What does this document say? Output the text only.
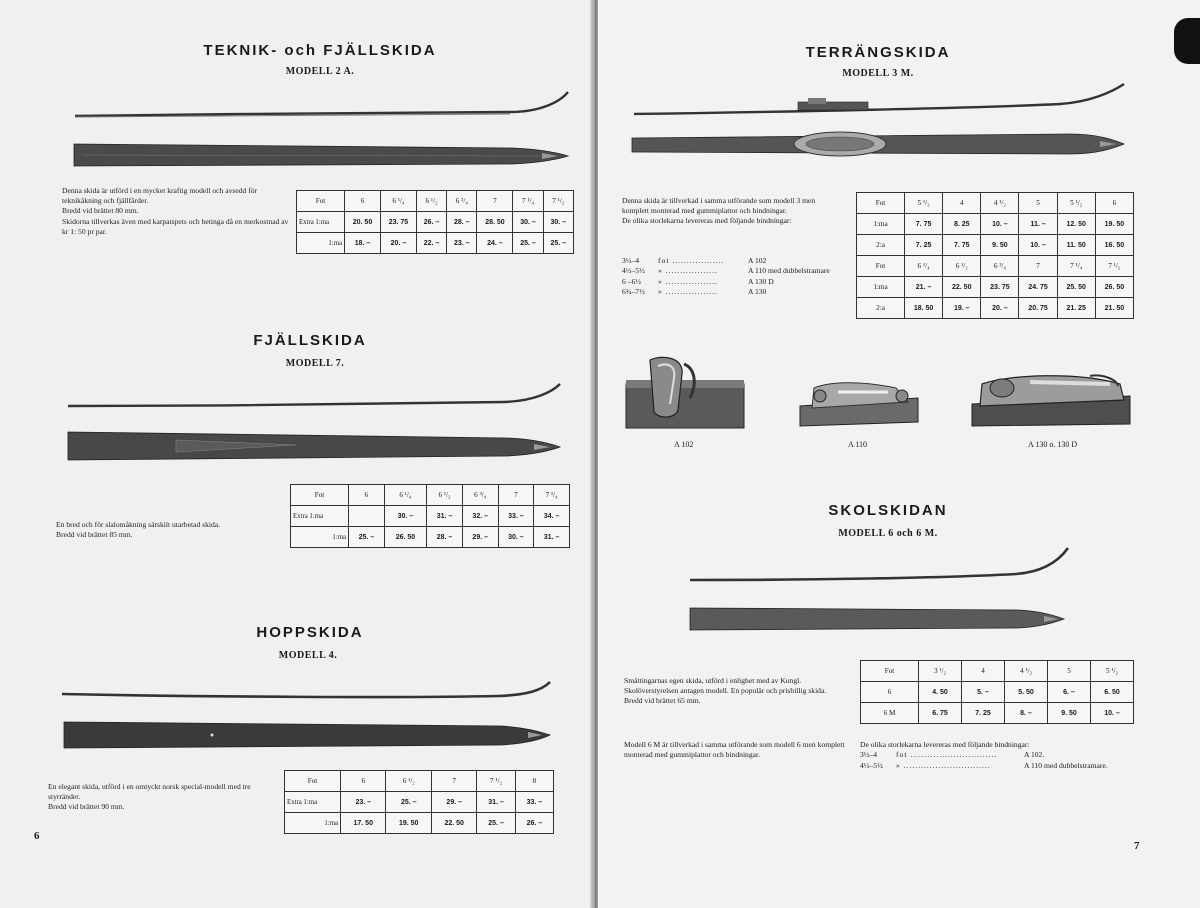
TEKNIK- och FJÄLLSKIDA
MODELL 2 A.

Denna skida är utförd i en mycket kraftig modell och avsedd för teknikåkning och fjällfärder.

Bredd vid brättet 80 mm.

Skidorna tillverkas även med karpatspets och betinga då en merkostnad av kr 1: 50 pr par.

Fot	6	6 ¹/₄	6 ¹/₂	6 ³/₄	7	7 ¹/₄	7 ¹/₂
Extra 1:ma	20. 50	23. 75	26. –	28. –	28. 50	30. –	30. –
1:ma	18. –	20. –	22. –	23. –	24. –	25. –	25. –
FJÄLLSKIDA
MODELL 7.
Fot	6	6 ¹/₄	6 ¹/₂	6 ³/₄	7	7 ¹/₄
Extra 1:ma		30. –	31. –	32. –	33. –	34. –
1:ma	25. –	26. 50	28. –	29. –	30. –	31. –

En bred och för slalomåkning särskilt utarbetad skida.

Bredd vid brättet 85 mm.

HOPPSKIDA
MODELL 4.

En elegant skida, utförd i en omtyckt norsk special-modell med tre styrränder.

Bredd vid brättet 90 mm.

Fot	6	6 ¹/₂	7	7 ¹/₂	8
Extra 1:ma	23. –	25. –	29. –	31. –	33. –
1:ma	17. 50	19. 50	22. 50	25. –	26. –
6
TERRÄNGSKIDA
MODELL 3 M.

Denna skida är tillverkad i samma utförande som modell 3 men komplett monterad med gummiplattor och bindningar.

De olika storlekarna levereras med följande bindningar:

3½–4	fot ..................	A 102
4½–5½	» ..................	A 110 med dubbelstramare
6 –6½	» ..................	A 130 D
6¾–7½	» ..................	A 130
Fot	5 ¹/₂	4	4 ¹/₂	5	5 ¹/₂	6
1:ma	7. 75	8. 25	10. –	11. –	12. 50	19. 50
2:a	7. 25	7. 75	9. 50	10. –	11. 50	16. 50
Fot	6 ¹/₄	6 ¹/₂	6 ³/₄	7	7 ¹/₄	7 ¹/₂
1:ma	21. –	22. 50	23. 75	24. 75	25. 50	26. 50
2:a	18. 50	19. –	20. –	20. 75	21. 25	21. 50
A 102	A 110	A 130 o. 130 D
SKOLSKIDAN
MODELL 6 och 6 M.

Småttingarnas egen skida, utförd i enlighet med av Kungl. Skolöverstyrelsen antagen modell. En populär och prisbillig skida.

Bredd vid brättet 65 mm.

Fot	3 ¹/₂	4	4 ¹/₂	5	5 ¹/₂
6	4. 50	5. –	5. 50	6. –	6. 50
6 M	6. 75	7. 25	8. –	9. 50	10. –

Modell 6 M är tillverkad i samma utförande som modell 6 men komplett monterad med gummiplattor och bindningar.

De olika storlekarna levereras med följande bindningar:
3½–4	fot ..............................	A 102.
4½–5½	» ..............................	A 110 med dubbelstramare.
7
